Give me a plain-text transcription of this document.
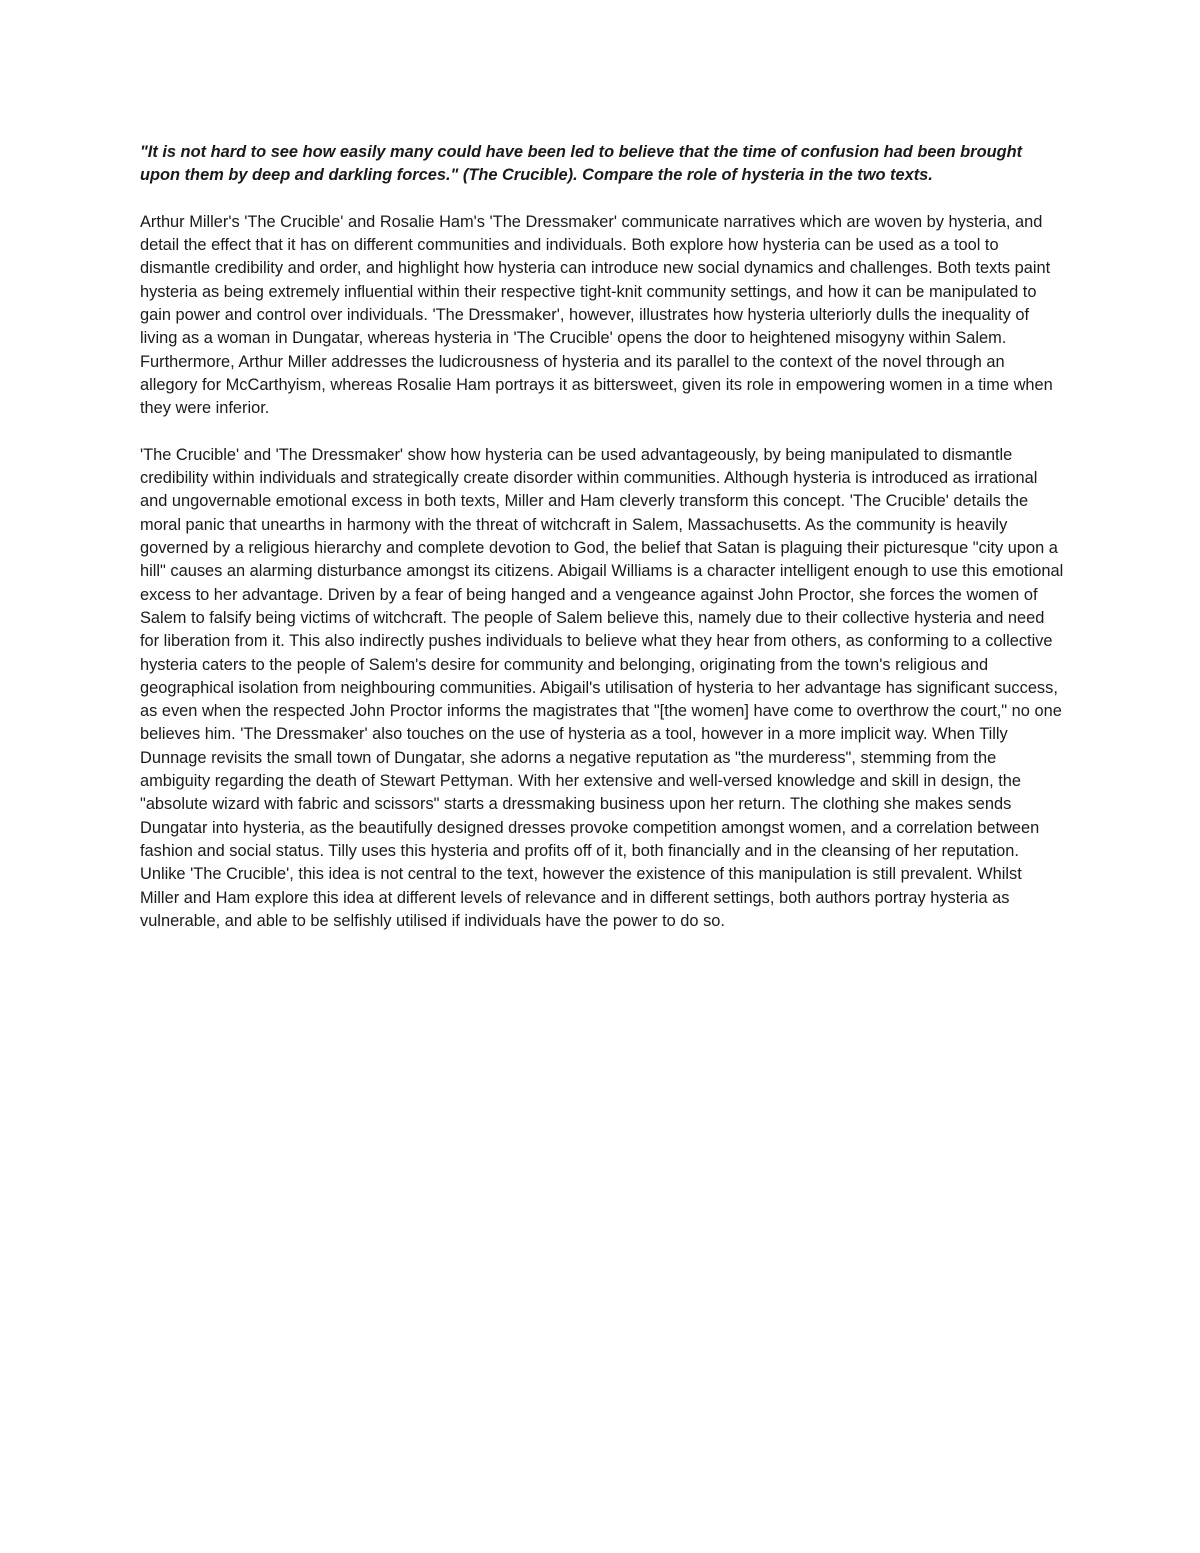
"It is not hard to see how easily many could have been led to believe that the time of confusion had been brought upon them by deep and darkling forces." (The Crucible). Compare the role of hysteria in the two texts.

Arthur Miller's 'The Crucible' and Rosalie Ham's 'The Dressmaker' communicate narratives which are woven by hysteria, and detail the effect that it has on different communities and individuals. Both explore how hysteria can be used as a tool to dismantle credibility and order, and highlight how hysteria can introduce new social dynamics and challenges. Both texts paint hysteria as being extremely influential within their respective tight-knit community settings, and how it can be manipulated to gain power and control over individuals. 'The Dressmaker', however, illustrates how hysteria ulteriorly dulls the inequality of living as a woman in Dungatar, whereas hysteria in 'The Crucible' opens the door to heightened misogyny within Salem. Furthermore, Arthur Miller addresses the ludicrousness of hysteria and its parallel to the context of the novel through an allegory for McCarthyism, whereas Rosalie Ham portrays it as bittersweet, given its role in empowering women in a time when they were inferior.

'The Crucible' and 'The Dressmaker' show how hysteria can be used advantageously, by being manipulated to dismantle credibility within individuals and strategically create disorder within communities. Although hysteria is introduced as irrational and ungovernable emotional excess in both texts, Miller and Ham cleverly transform this concept. 'The Crucible' details the moral panic that unearths in harmony with the threat of witchcraft in Salem, Massachusetts. As the community is heavily governed by a religious hierarchy and complete devotion to God, the belief that Satan is plaguing their picturesque "city upon a hill" causes an alarming disturbance amongst its citizens. Abigail Williams is a character intelligent enough to use this emotional excess to her advantage. Driven by a fear of being hanged and a vengeance against John Proctor, she forces the women of Salem to falsify being victims of witchcraft. The people of Salem believe this, namely due to their collective hysteria and need for liberation from it. This also indirectly pushes individuals to believe what they hear from others, as conforming to a collective hysteria caters to the people of Salem's desire for community and belonging, originating from the town's religious and geographical isolation from neighbouring communities. Abigail's utilisation of hysteria to her advantage has significant success, as even when the respected John Proctor informs the magistrates that "[the women] have come to overthrow the court," no one believes him. 'The Dressmaker' also touches on the use of hysteria as a tool, however in a more implicit way. When Tilly Dunnage revisits the small town of Dungatar, she adorns a negative reputation as "the murderess", stemming from the ambiguity regarding the death of Stewart Pettyman. With her extensive and well-versed knowledge and skill in design, the "absolute wizard with fabric and scissors" starts a dressmaking business upon her return. The clothing she makes sends Dungatar into hysteria, as the beautifully designed dresses provoke competition amongst women, and a correlation between fashion and social status. Tilly uses this hysteria and profits off of it, both financially and in the cleansing of her reputation. Unlike 'The Crucible', this idea is not central to the text, however the existence of this manipulation is still prevalent. Whilst Miller and Ham explore this idea at different levels of relevance and in different settings, both authors portray hysteria as vulnerable, and able to be selfishly utilised if individuals have the power to do so.
